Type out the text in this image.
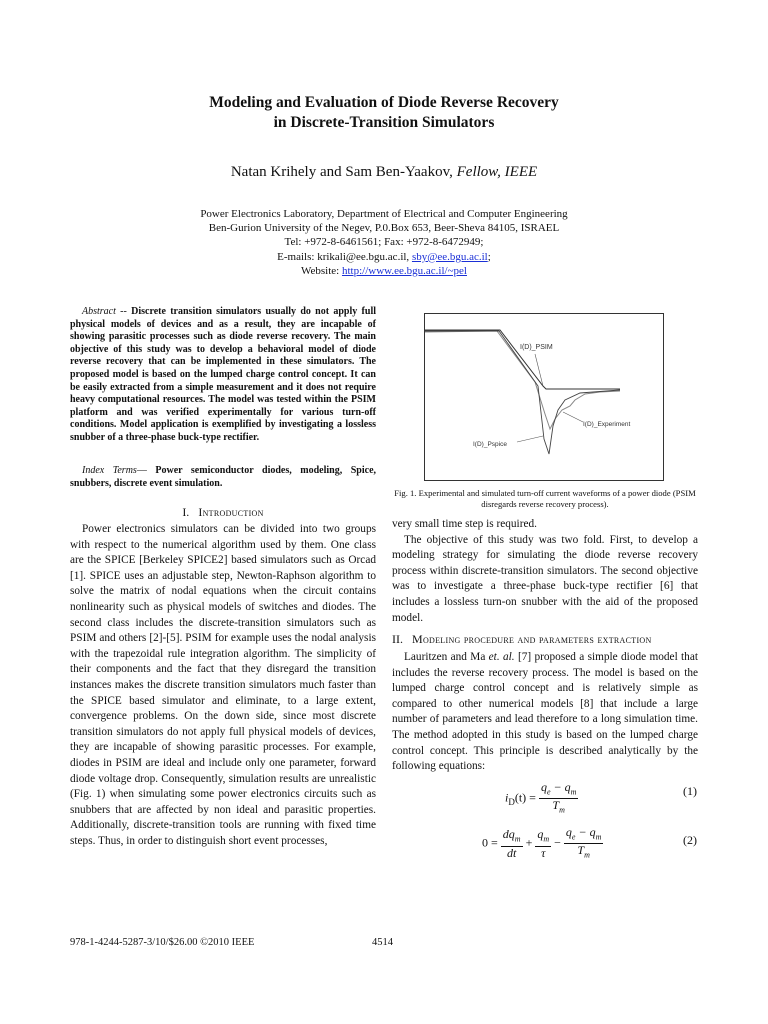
Modeling and Evaluation of Diode Reverse Recovery
in Discrete-Transition Simulators
Natan Krihely and Sam Ben-Yaakov, Fellow, IEEE
Power Electronics Laboratory, Department of Electrical and Computer Engineering
Ben-Gurion University of the Negev, P.0.Box 653, Beer-Sheva 84105, ISRAEL
Tel: +972-8-6461561; Fax: +972-8-6472949;
E-mails: krikali@ee.bgu.ac.il, sby@ee.bgu.ac.il;
Website: http://www.ee.bgu.ac.il/~pel
Abstract -- Discrete transition simulators usually do not apply full physical models of devices and as a result, they are incapable of showing parasitic processes such as diode reverse recovery. The main objective of this study was to develop a behavioral model of diode reverse recovery that can be implemented in these simulators. The proposed model is based on the lumped charge control concept. It can be easily extracted from a simple measurement and it does not require heavy computational resources. The model was tested within the PSIM platform and was verified experimentally for various turn-off conditions. Model application is exemplified by investigating a lossless snubber of a three-phase buck-type rectifier.
Index Terms— Power semiconductor diodes, modeling, Spice, snubbers, discrete event simulation.
I. Introduction

Power electronics simulators can be divided into two groups with respect to the numerical algorithm used by them. One class are the SPICE [Berkeley SPICE2] based simulators such as Orcad [1]. SPICE uses an adjustable step, Newton-Raphson algorithm to solve the matrix of nodal equations when the circuit contains nonlinearity such as physical models of switches and diodes. The second class includes the discrete-transition simulators such as PSIM and others [2]-[5]. PSIM for example uses the nodal analysis with the trapezoidal rule integration algorithm. The simplicity of their components and the fact that they disregard the transition instances makes the discrete transition simulators much faster than the SPICE based simulator and eliminate, to a large extent, convergence problems. On the down side, since most discrete transition simulators do not apply full physical models of devices, they are incapable of showing parasitic processes. For example, diodes in PSIM are ideal and include only one parameter, forward diode voltage drop. Consequently, simulation results are unrealistic (Fig. 1) when simulating some power electronics circuits such as snubbers that are affected by non ideal and parasitic properties. Additionally, discrete-transition tools are running with fixed time steps. Thus, in order to distinguish short event processes,

I(D)_PSIM
I(D)_Experiment
I(D)_Pspice
Fig. 1. Experimental and simulated turn-off current waveforms of a power diode (PSIM disregards reverse recovery process).
very small time step is required.

The objective of this study was two fold. First, to develop a modeling strategy for simulating the diode reverse recovery process within discrete-transition simulators. The second objective was to investigate a three-phase buck-type rectifier [6] that includes a lossless turn-on snubber with the aid of the proposed model.

II. Modeling procedure and parameters extraction

Lauritzen and Ma et. al. [7] proposed a simple diode model that includes the reverse recovery process. The model is based on the lumped charge control concept and is relatively simple as compared to other numerical models [8] that include a large number of parameters and lead therefore to a long simulation time. The method adopted in this study is based on the lumped charge control concept. This principle is described analytically by the following equations:

$i_D(t) = \frac{q_e - q_m}{T_m}$	(1)
$0 = \frac{dq_m}{dt} + \frac{q_m}{\tau} - \frac{q_e - q_m}{T_m}$	(2)
978-1-4244-5287-3/10/$26.00 ©2010 IEEE	4514
